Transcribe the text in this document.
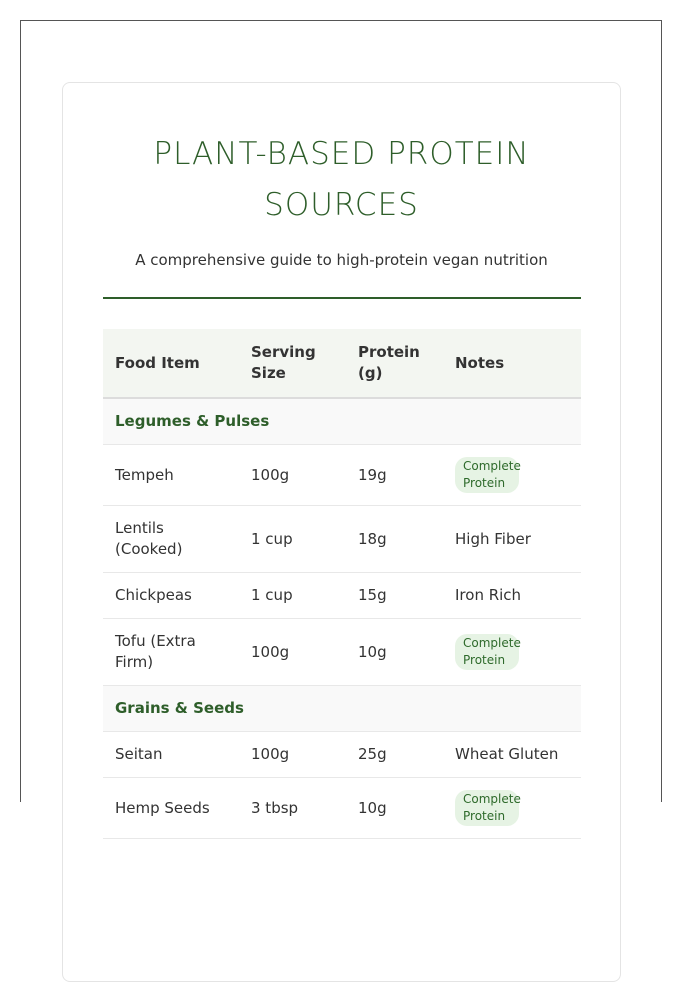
PLANT-BASED PROTEIN SOURCES

A comprehensive guide to high-protein vegan nutrition

Food Item	Serving Size	Protein (g)	Notes
Legumes & Pulses			
Tempeh	100g	19g	Complete Protein
Lentils (Cooked)	1 cup	18g	High Fiber
Chickpeas	1 cup	15g	Iron Rich
Tofu (Extra Firm)	100g	10g	Complete Protein
Grains & Seeds			
Seitan	100g	25g	Wheat Gluten
Hemp Seeds	3 tbsp	10g	Complete Protein
